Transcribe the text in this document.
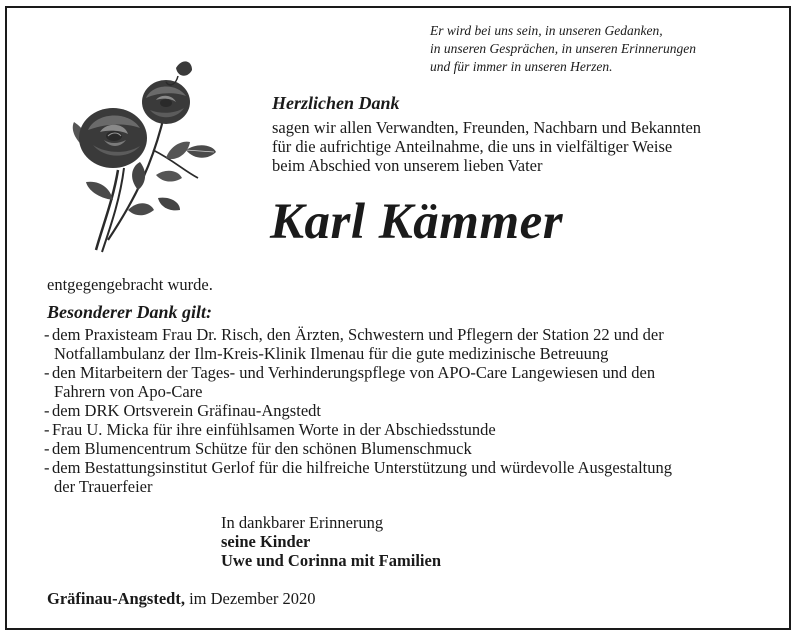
Er wird bei uns sein, in unseren Gedanken,
in unseren Gesprächen, in unseren Erinnerungen
und für immer in unseren Herzen.
Herzlichen Dank
sagen wir allen Verwandten, Freunden, Nachbarn und Bekannten
für die aufrichtige Anteilnahme, die uns in vielfältiger Weise
beim Abschied von unserem lieben Vater
Karl Kämmer
entgegengebracht wurde.
Besonderer Dank gilt:
- dem Praxisteam Frau Dr. Risch, den Ärzten, Schwestern und Pflegern der Station 22 und der
Notfallambulanz der Ilm-Kreis-Klinik Ilmenau für die gute medizinische Betreuung
- den Mitarbeitern der Tages- und Verhinderungspflege von APO-Care Langewiesen und den
Fahrern von Apo-Care
- dem DRK Ortsverein Gräfinau-Angstedt
- Frau U. Micka für ihre einfühlsamen Worte in der Abschiedsstunde
- dem Blumencentrum Schütze für den schönen Blumenschmuck
- dem Bestattungsinstitut Gerlof für die hilfreiche Unterstützung und würdevolle Ausgestaltung
der Trauerfeier
In dankbarer Erinnerung
seine Kinder
Uwe und Corinna mit Familien
Gräfinau-Angstedt, im Dezember 2020
